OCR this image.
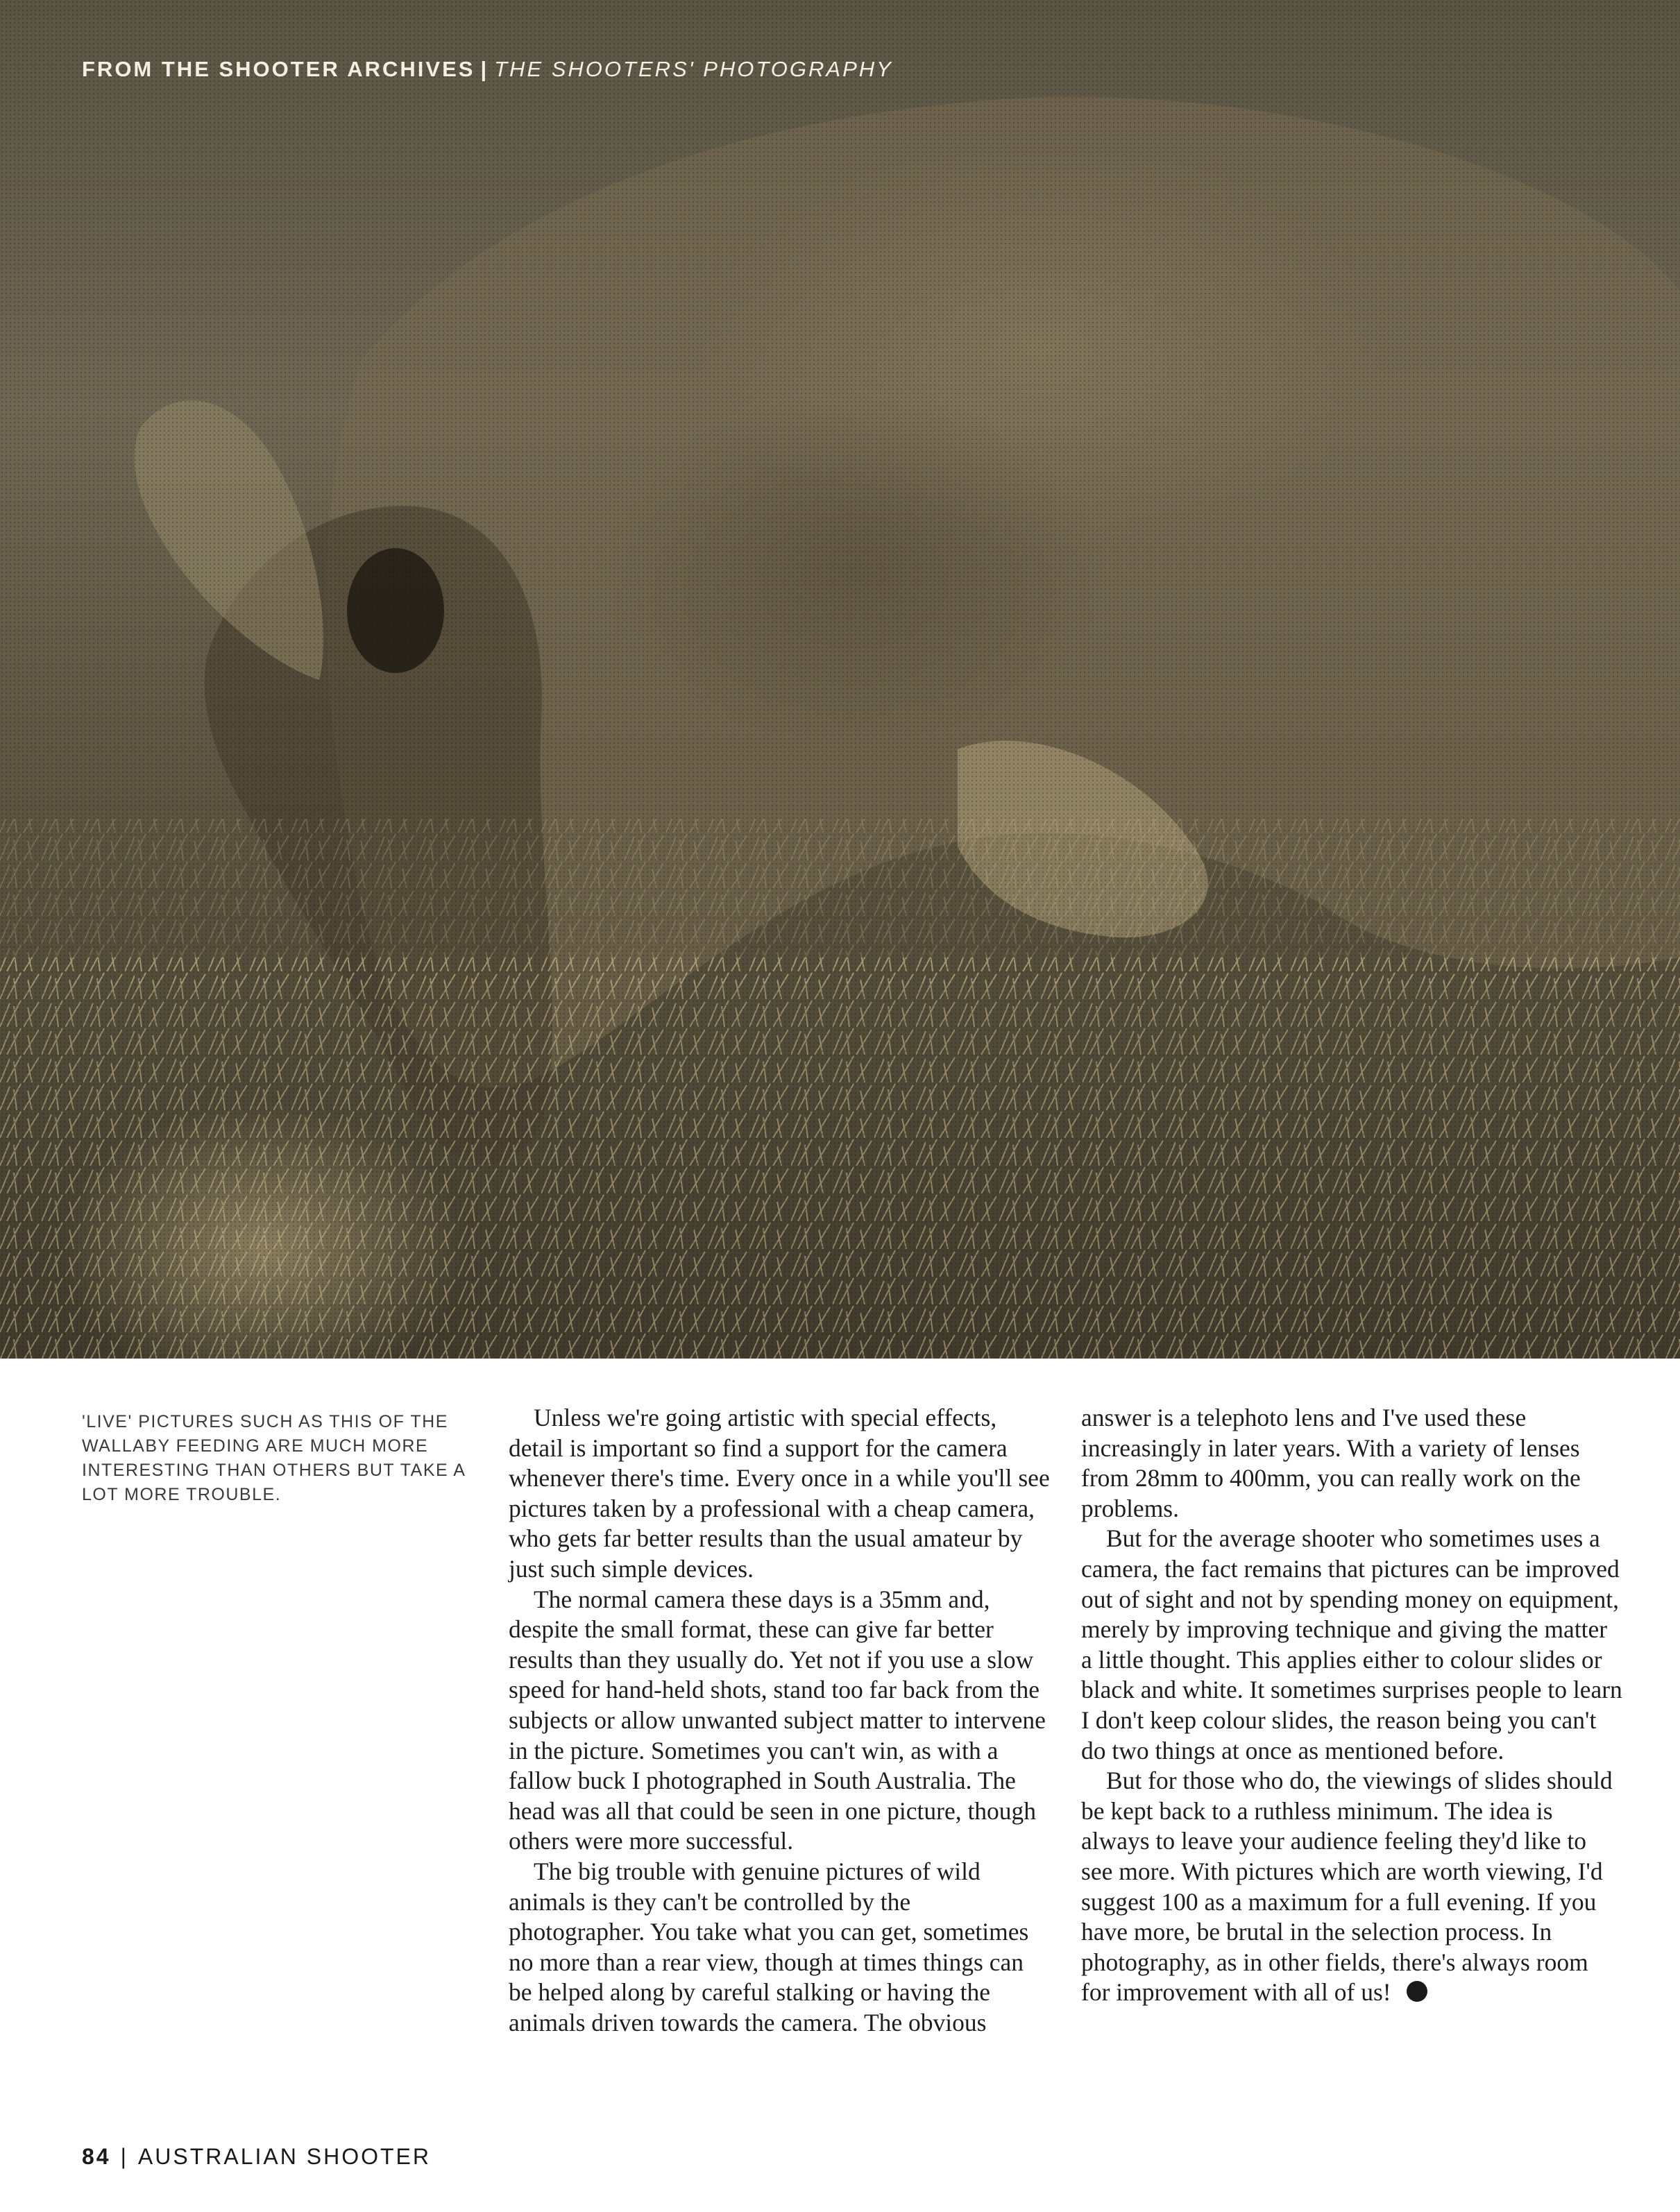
FROM THE SHOOTER ARCHIVES | THE SHOOTERS' PHOTOGRAPHY
'LIVE' PICTURES SUCH AS THIS OF THE WALLABY FEEDING ARE MUCH MORE INTERESTING THAN OTHERS BUT TAKE A LOT MORE TROUBLE.

Unless we're going artistic with special effects, detail is important so find a support for the camera whenever there's time. Every once in a while you'll see pictures taken by a professional with a cheap camera, who gets far better results than the usual amateur by just such simple devices.

The normal camera these days is a 35mm and, despite the small format, these can give far better results than they usually do. Yet not if you use a slow speed for hand-held shots, stand too far back from the subjects or allow unwanted subject matter to intervene in the picture. Sometimes you can't win, as with a fallow buck I photographed in South Australia. The head was all that could be seen in one picture, though others were more successful.

The big trouble with genuine pictures of wild animals is they can't be controlled by the photographer. You take what you can get, sometimes no more than a rear view, though at times things can be helped along by careful stalking or having the animals driven towards the camera. The obvious

answer is a telephoto lens and I've used these increasingly in later years. With a variety of lenses from 28mm to 400mm, you can really work on the problems.

But for the average shooter who sometimes uses a camera, the fact remains that pictures can be improved out of sight and not by spending money on equipment, merely by improving technique and giving the matter a little thought. This applies either to colour slides or black and white. It sometimes surprises people to learn I don't keep colour slides, the reason being you can't do two things at once as mentioned before.

But for those who do, the viewings of slides should be kept back to a ruthless minimum. The idea is always to leave your audience feeling they'd like to see more. With pictures which are worth viewing, I'd suggest 100 as a maximum for a full evening. If you have more, be brutal in the selection process. In photography, as in other fields, there's always room for improvement with all of us!

84 | AUSTRALIAN SHOOTER
